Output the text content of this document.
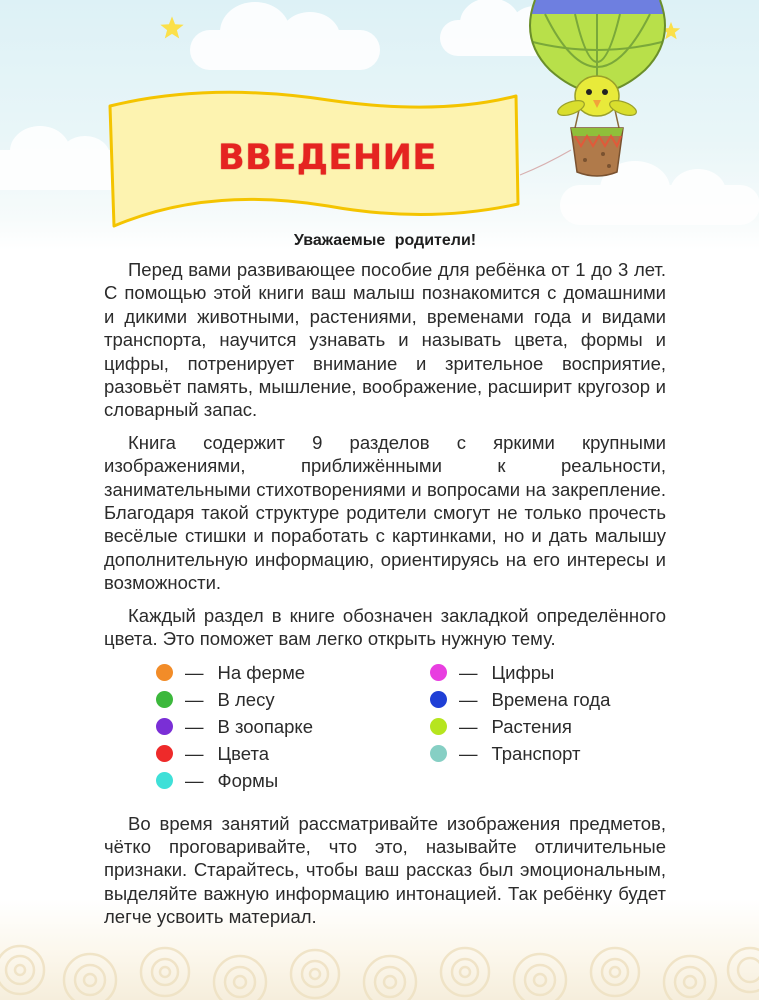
ВВЕДЕНИЕ

Уважаемые родители!

Перед вами развивающее пособие для ребёнка от 1 до 3 лет. С помощью этой книги ваш малыш познакомится с домашними и дикими животными, растениями, временами года и видами транспорта, научится узнавать и называть цвета, формы и цифры, потренирует внимание и зрительное восприятие, разовьёт память, мышление, воображение, расширит кругозор и словарный запас.

Книга содержит 9 разделов с яркими крупными изображениями, приближёнными к реальности, занимательными стихотворениями и вопросами на закрепление. Благодаря такой структуре родители смогут не только прочесть весёлые стишки и поработать с картинками, но и дать малышу дополнительную информацию, ориентируясь на его интересы и возможности.

Каждый раздел в книге обозначен закладкой определённого цвета. Это поможет вам легко открыть нужную тему.

— На ферме
— В лесу
— В зоопарке
— Цвета
— Формы
— Цифры
— Времена года
— Растения
— Транспорт

Во время занятий рассматривайте изображения предметов, чётко проговаривайте, что это, называйте отличительные признаки. Старайтесь, чтобы ваш рассказ был эмоциональным, выделяйте важную информацию интонацией. Так ребёнку будет легче усвоить материал.
